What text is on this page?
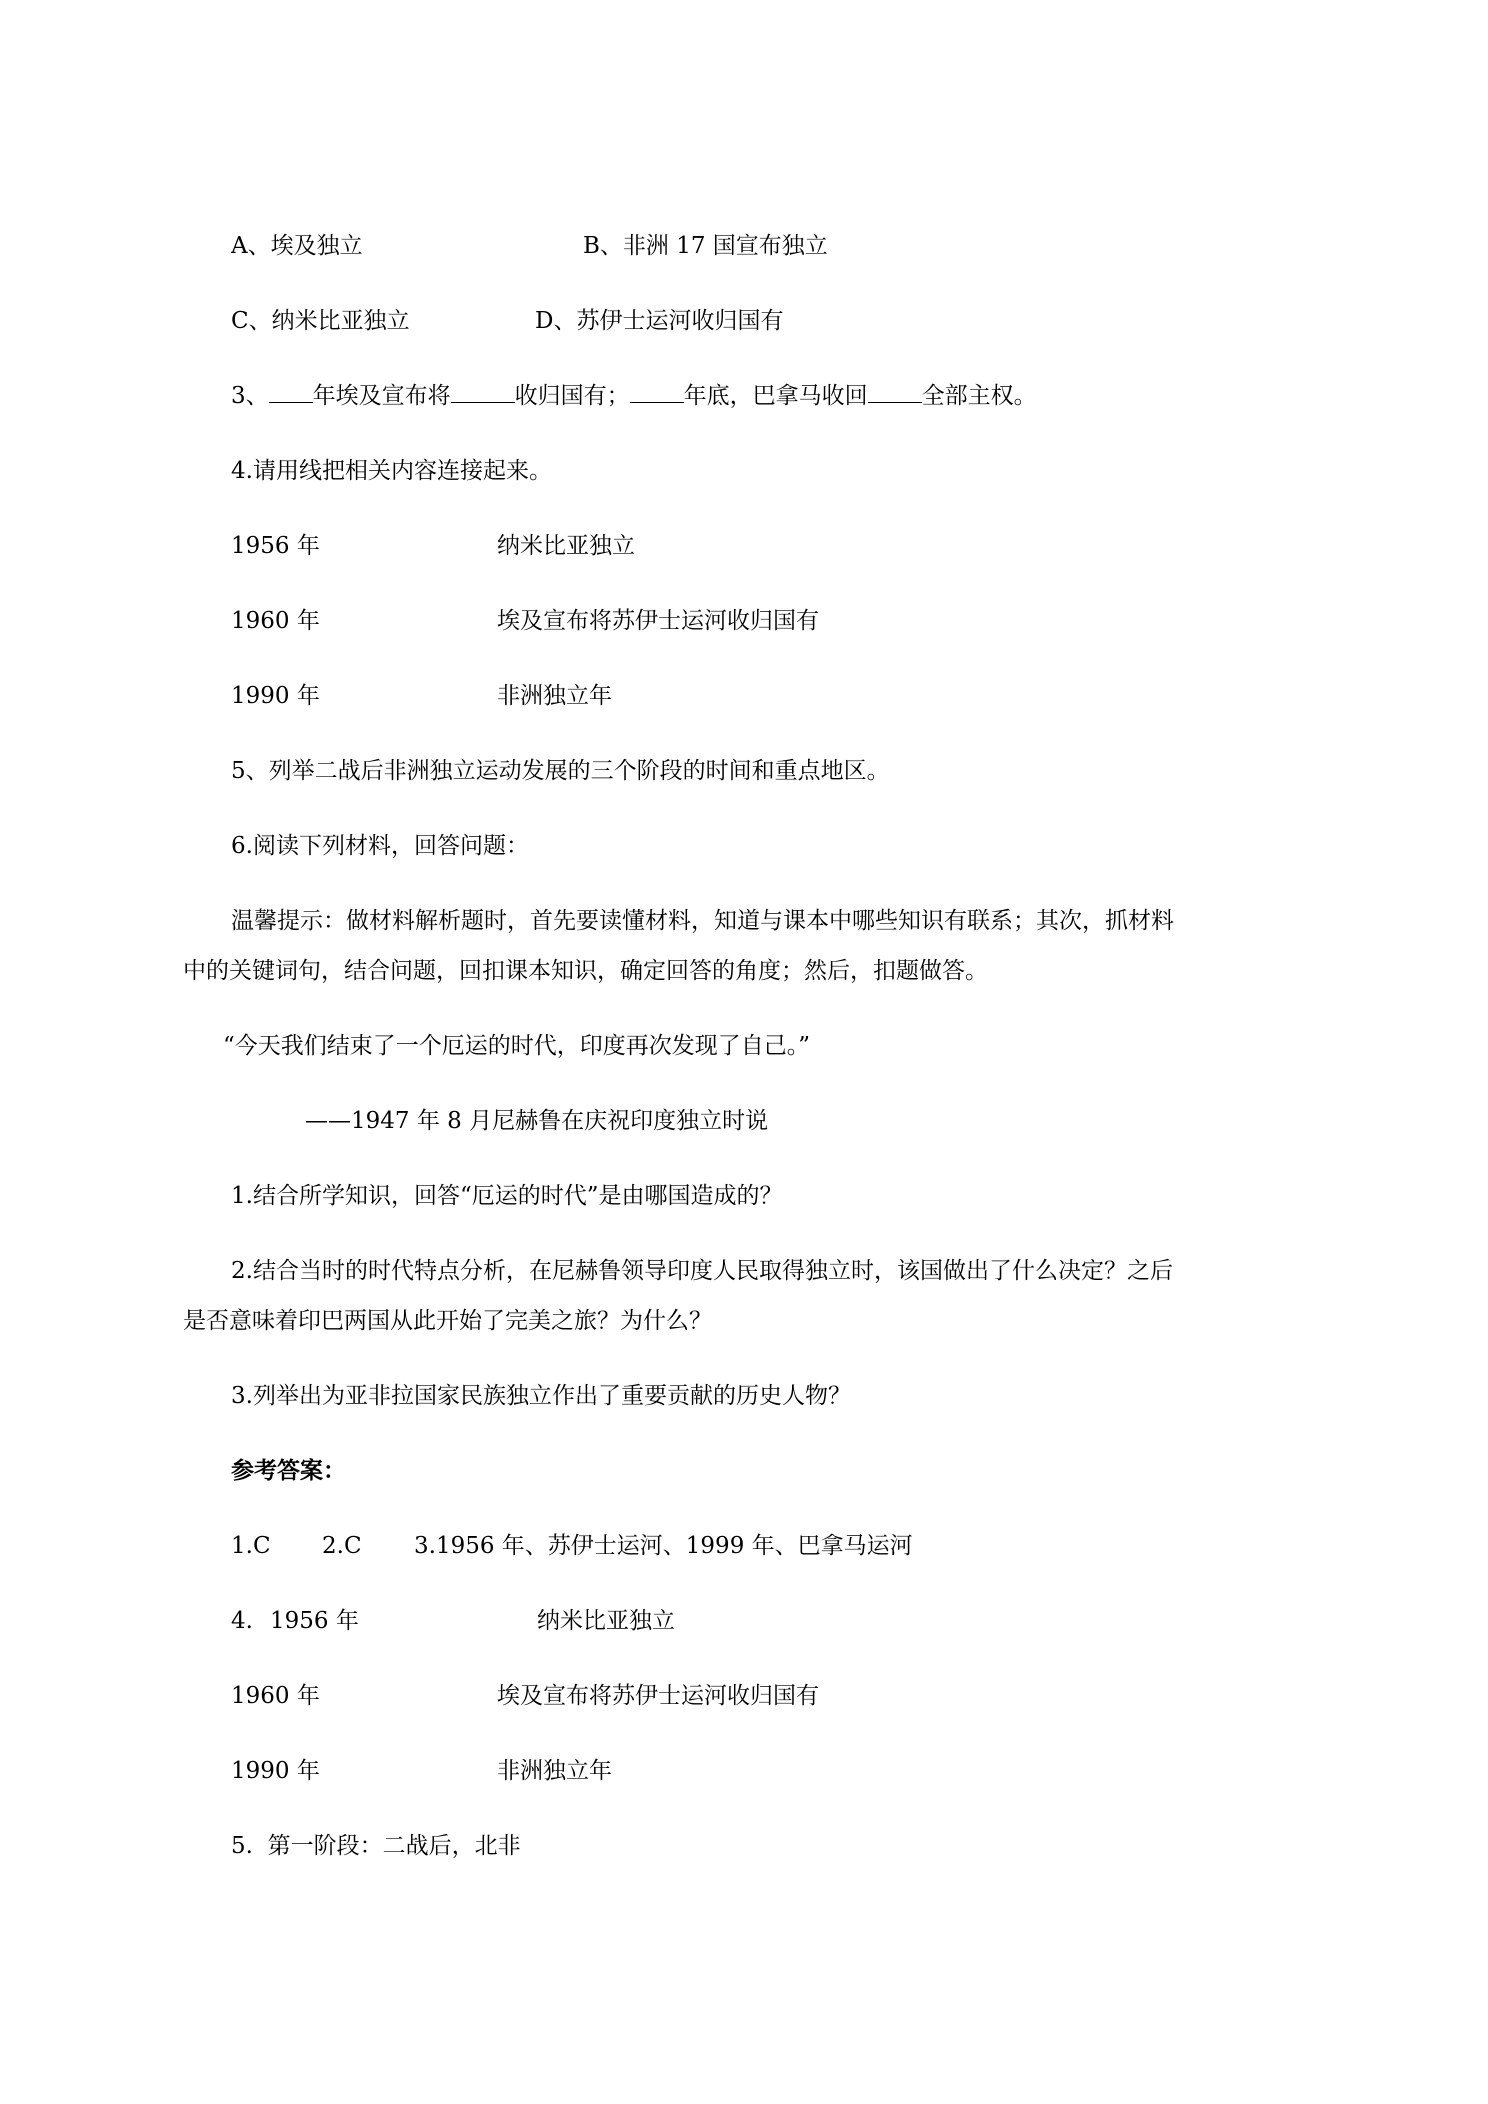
A、埃及独立	B、非洲 17 国宣布独立
C、纳米比亚独立	D、苏伊士运河收归国有
3、 年埃及宣布将	收归国有； 年底，巴拿马收回 全部主权。
4.请用线把相关内容连接起来。
1956 年	纳米比亚独立
1960 年	埃及宣布将苏伊士运河收归国有
1990 年	非洲独立年
5、列举二战后非洲独立运动发展的三个阶段的时间和重点地区。
6.阅读下列材料，回答问题：
温馨提示：做材料解析题时，首先要读懂材料，知道与课本中哪些知识有联系；其次，抓材料
中的关键词句，结合问题，回扣课本知识，确定回答的角度；然后，扣题做答。
“今天我们结束了一个厄运的时代，印度再次发现了自己。”
——1947 年 8 月尼赫鲁在庆祝印度独立时说
1.结合所学知识，回答“厄运的时代”是由哪国造成的？
2.结合当时的时代特点分析，在尼赫鲁领导印度人民取得独立时，该国做出了什么决定？之后
是否意味着印巴两国从此开始了完美之旅？为什么？
3.列举出为亚非拉国家民族独立作出了重要贡献的历史人物？
参考答案：
1.C 2.C 3.1956 年、苏伊士运河、1999 年、巴拿马运河
4. 1956 年	纳米比亚独立
1960 年	埃及宣布将苏伊士运河收归国有
1990 年	非洲独立年
5.  第一阶段：二战后，北非
